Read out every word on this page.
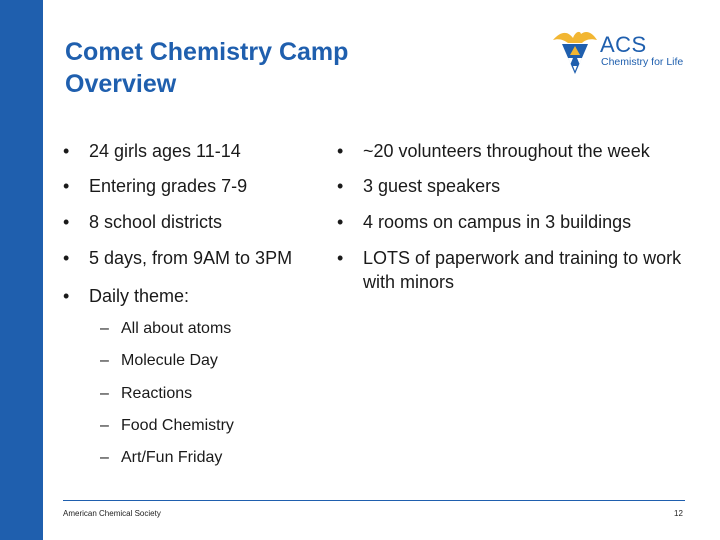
Comet Chemistry Camp
Overview
ACS
Chemistry for Life
• 24 girls ages 11-14
• Entering grades 7-9
• 8 school districts
• 5 days, from 9AM to 3PM
• Daily theme:
– All about atoms
– Molecule Day
– Reactions
– Food Chemistry
– Art/Fun Friday
• ~20 volunteers throughout the week
• 3 guest speakers
• 4 rooms on campus in 3 buildings
• LOTS of paperwork and training to work
with minors
American Chemical Society	12
